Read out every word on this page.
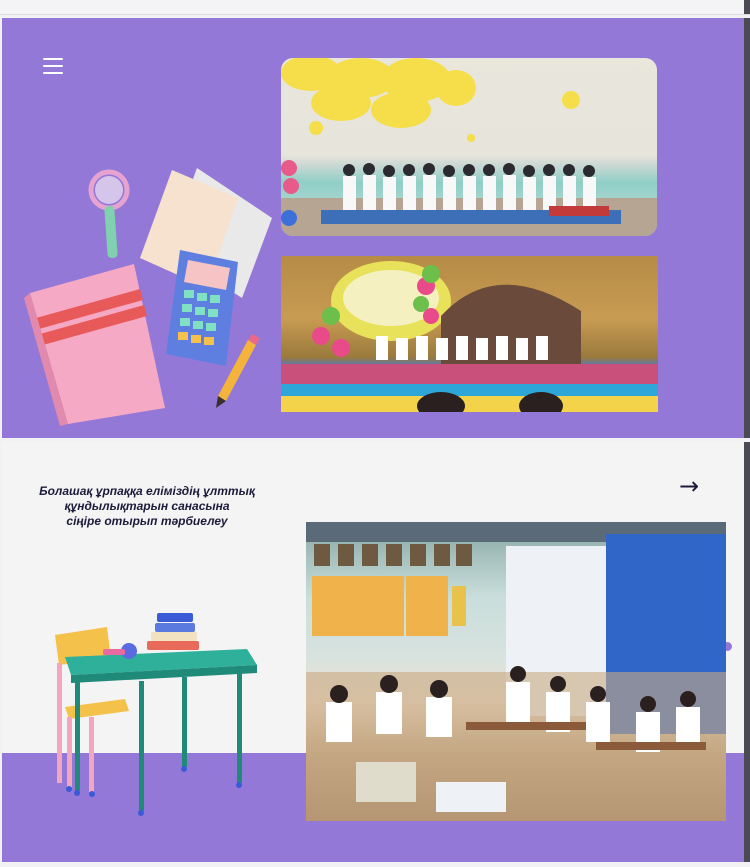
Болашақ ұрпаққа еліміздің ұлттық
құндылықтарын санасына
сіңіре отырып тәрбиелеу

→
